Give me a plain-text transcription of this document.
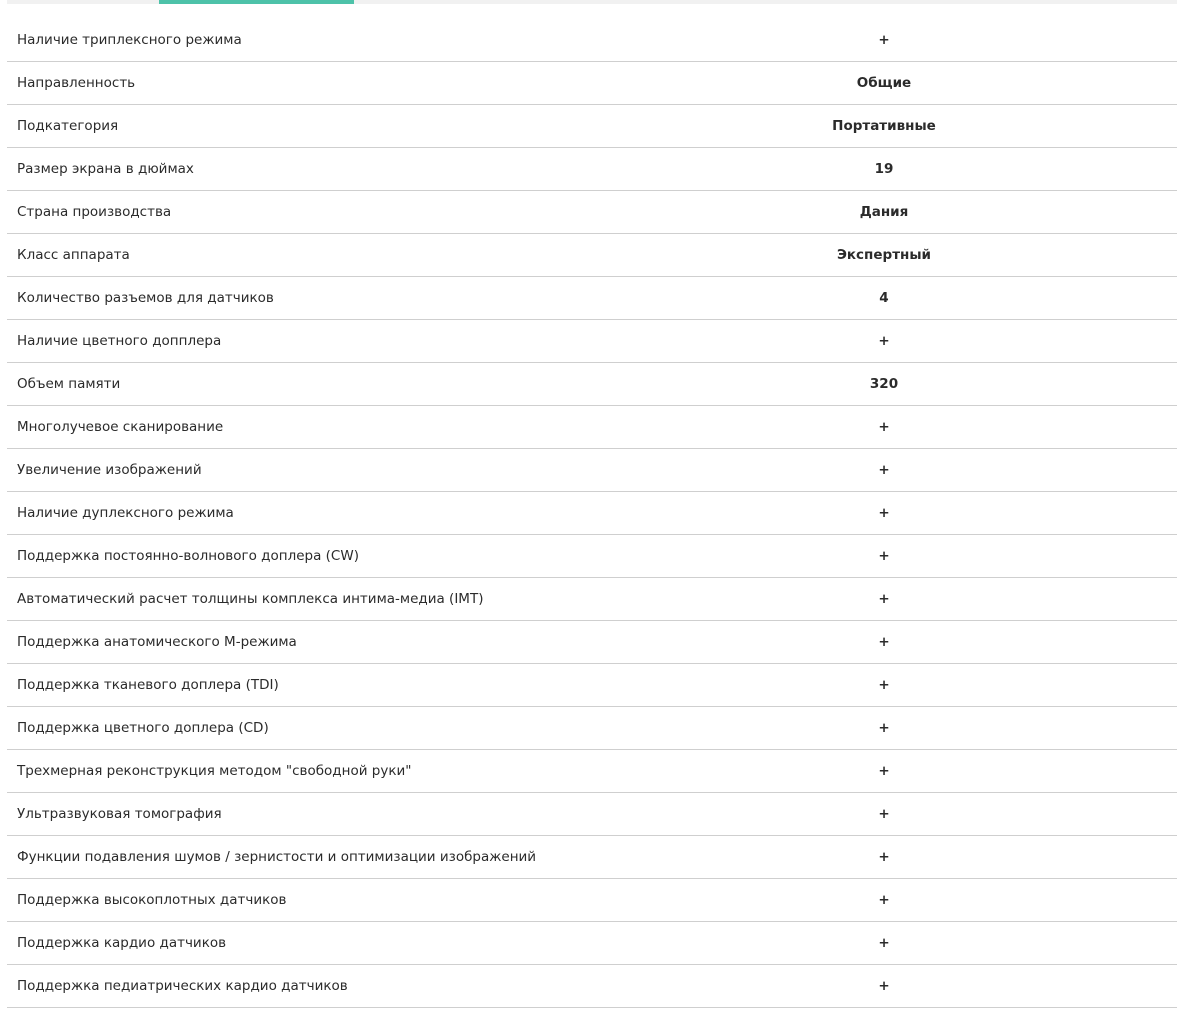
Наличие триплексного режима	+
Направленность	Общие
Подкатегория	Портативные
Размер экрана в дюймах	19
Страна производства	Дания
Класс аппарата	Экспертный
Количество разъемов для датчиков	4
Наличие цветного допплера	+
Объем памяти	320
Многолучевое сканирование	+
Увеличение изображений	+
Наличие дуплексного режима	+
Поддержка постоянно-волнового доплера (CW)	+
Автоматический расчет толщины комплекса интима-медиа (IMT)	+
Поддержка анатомического М-режима	+
Поддержка тканевого доплера (TDI)	+
Поддержка цветного доплера (CD)	+
Трехмерная реконструкция методом "свободной руки"	+
Ультразвуковая томография	+
Функции подавления шумов / зернистости и оптимизации изображений	+
Поддержка высокоплотных датчиков	+
Поддержка кардио датчиков	+
Поддержка педиатрических кардио датчиков	+
